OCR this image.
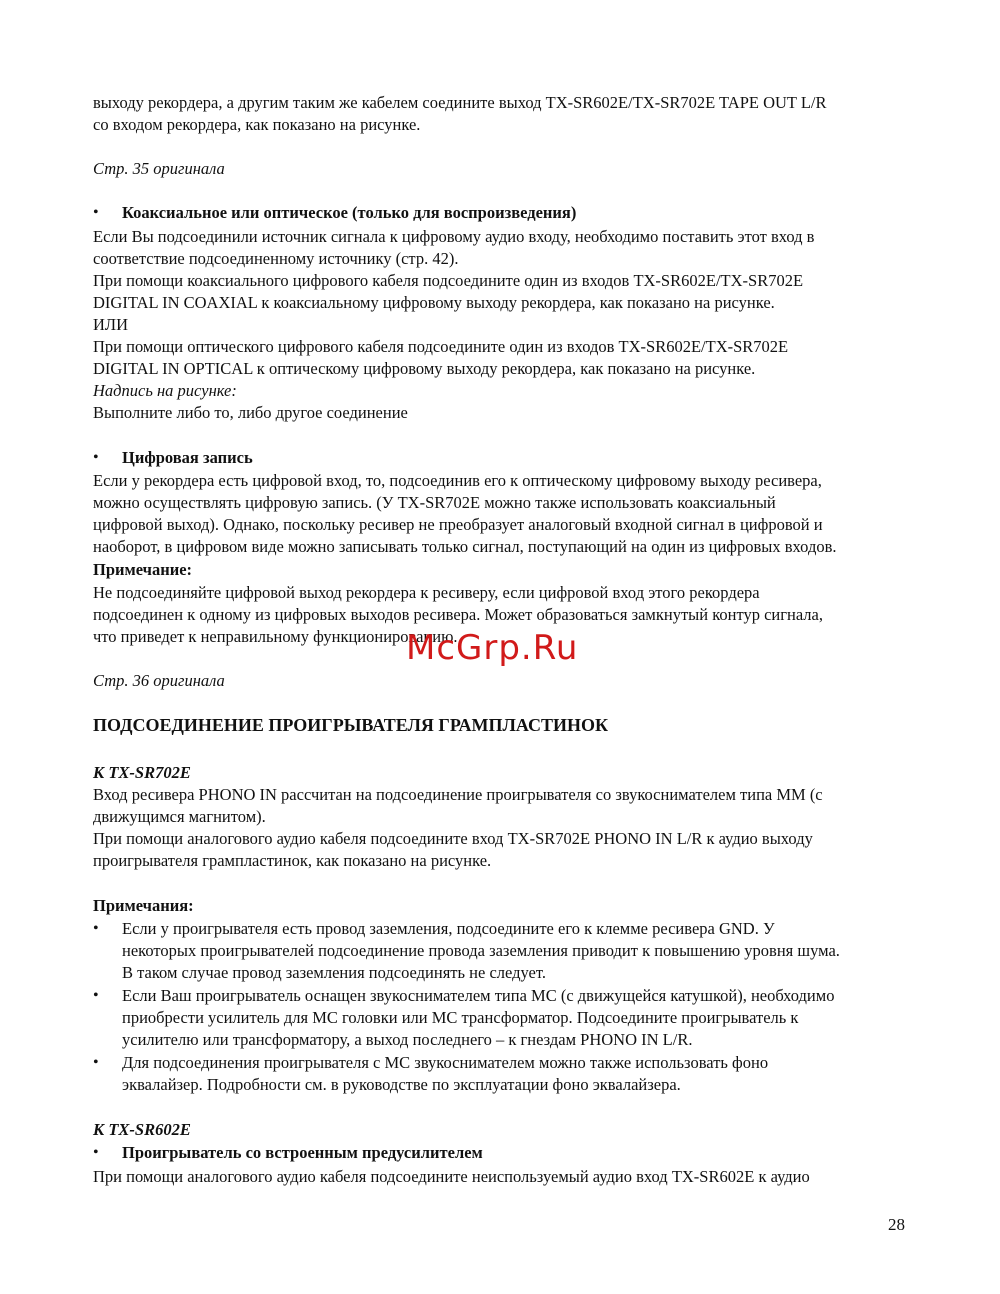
выходу рекордера, а другим таким же кабелем соедините выход TX-SR602E/TX-SR702E TAPE OUT L/R

со входом рекордера, как показано на рисунке.

Стр. 35 оригинала

• Коаксиальное или оптическое (только для воспроизведения)

Если Вы подсоединили источник сигнала к цифровому аудио входу, необходимо поставить этот вход в

соответствие подсоединенному источнику (стр. 42).

При помощи коаксиального цифрового кабеля подсоедините один из входов TX-SR602E/TX-SR702E

DIGITAL IN COAXIAL к коаксиальному цифровому выходу рекордера, как показано на рисунке.

ИЛИ

При помощи оптического цифрового кабеля подсоедините один из входов TX-SR602E/TX-SR702E

DIGITAL IN OPTICAL к оптическому цифровому выходу рекордера, как показано на рисунке.

Надпись на рисунке:

Выполните либо то, либо другое соединение

• Цифровая запись

Если у рекордера есть цифровой вход, то, подсоединив его к оптическому цифровому выходу ресивера,

можно осуществлять цифровую запись. (У TX-SR702E можно также использовать коаксиальный

цифровой выход). Однако, поскольку ресивер не преобразует аналоговый входной сигнал в цифровой и

наоборот, в цифровом виде можно записывать только сигнал, поступающий на один из цифровых входов.

Примечание:

Не подсоединяйте цифровой выход рекордера к ресиверу, если цифровой вход этого рекордера

подсоединен к одному из цифровых выходов ресивера. Может образоваться замкнутый контур сигнала,

что приведет к неправильному функционированию.

McGrp.Ru

Стр. 36 оригинала

ПОДСОЕДИНЕНИЕ ПРОИГРЫВАТЕЛЯ ГРАМПЛАСТИНОК

К TX-SR702E

Вход ресивера PHONO IN рассчитан на подсоединение проигрывателя со звукоснимателем типа MM (с

движущимся магнитом).

При помощи аналогового аудио кабеля подсоедините вход TX-SR702E PHONO IN L/R к аудио выходу

проигрывателя грампластинок, как показано на рисунке.

Примечания:

• Если у проигрывателя есть провод заземления, подсоедините его к клемме ресивера GND. У

некоторых проигрывателей подсоединение провода заземления приводит к повышению уровня шума.

В таком случае провод заземления подсоединять не следует.

• Если Ваш проигрыватель оснащен звукоснимателем типа MC (с движущейся катушкой), необходимо

приобрести усилитель для MC головки или MC трансформатор. Подсоедините проигрыватель к

усилителю или трансформатору, а выход последнего – к гнездам PHONO IN L/R.

• Для подсоединения проигрывателя с MC звукоснимателем можно также использовать фоно

эквалайзер. Подробности см. в руководстве по эксплуатации фоно эквалайзера.

К TX-SR602E

• Проигрыватель со встроенным предусилителем

При помощи аналогового аудио кабеля подсоедините неиспользуемый аудио вход TX-SR602E к аудио

28
